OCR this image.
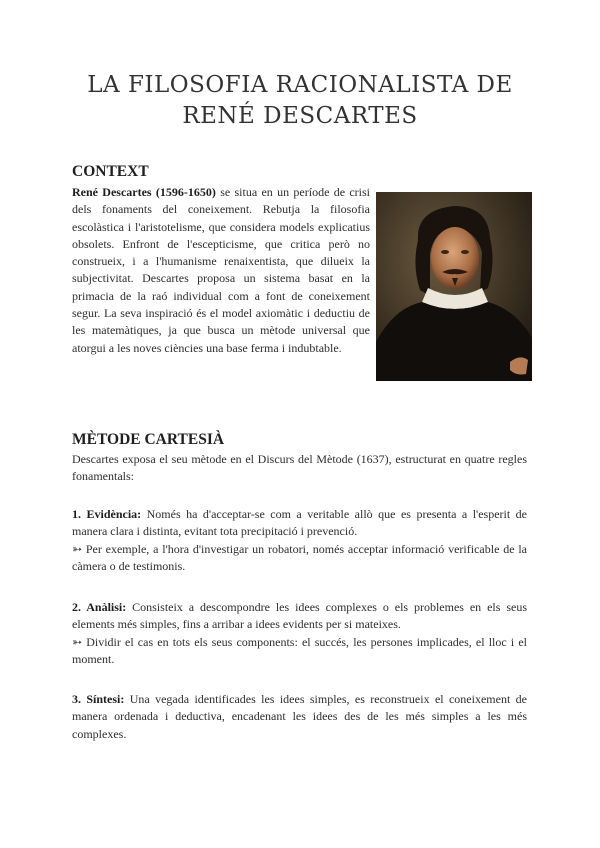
LA FILOSOFIA RACIONALISTA DE RENÉ DESCARTES
CONTEXT

René Descartes (1596-1650) se situa en un període de crisi dels fonaments del coneixement. Rebutja la filosofia escolàstica i l'aristotelisme, que considera models explicatius obsolets. Enfront de l'escepticisme, que critica però no construeix, i a l'humanisme renaixentista, que dilueix la subjectivitat. Descartes proposa un sistema basat en la primacia de la raó individual com a font de coneixement segur. La seva inspiració és el model axiomàtic i deductiu de les matemàtiques, ja que busca un mètode universal que atorgui a les noves ciències una base ferma i indubtable.

MÈTODE CARTESIÀ

Descartes exposa el seu mètode en el Discurs del Mètode (1637), estructurat en quatre regles fonamentals:

1. Evidència: Només ha d'acceptar-se com a veritable allò que es presenta a l'esperit de manera clara i distinta, evitant tota precipitació i prevenció.
➳ Per exemple, a l'hora d'investigar un robatori, només acceptar informació verificable de la càmera o de testimonis.

2. Anàlisi: Consisteix a descompondre les idees complexes o els problemes en els seus elements més simples, fins a arribar a idees evidents per si mateixes.
➳ Dividir el cas en tots els seus components: el succés, les persones implicades, el lloc i el moment.

3. Síntesi: Una vegada identificades les idees simples, es reconstrueix el coneixement de manera ordenada i deductiva, encadenant les idees des de les més simples a les més complexes.
